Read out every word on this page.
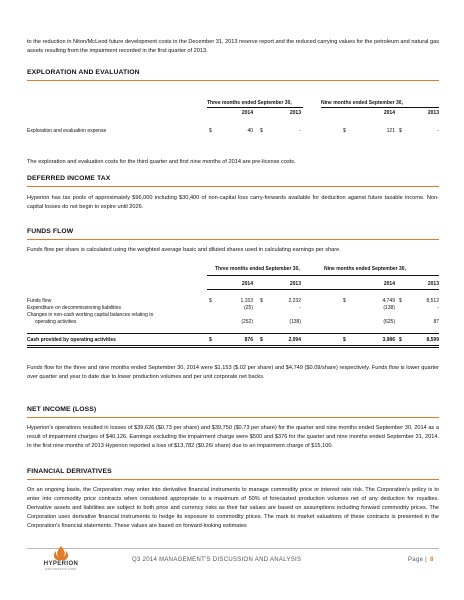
to the reduction in Niton/McLeod future development costs in the December 31, 2013 reserve report and the reduced carrying values for the petroleum and natural gas assets resulting from the impairment recorded in the first quarter of 2013.
EXPLORATION AND EVALUATION
Three months ended September 30,	Nine months ended September 30,
2014	2013	2014	2013
Exploration and evaluation expense	$	40 $	-	$	121 $	-
The exploration and evaluation costs for the third quarter and first nine months of 2014 are pre-license costs.
DEFERRED INCOME TAX
Hyperion has tax pools of approximately $96,000 including $30,400 of non-capital loss carry-forwards available for deduction against future taxable income. Non-capital losses do not begin to expire until 2026.
FUNDS FLOW
Funds flow per share is calculated using the weighted average basic and diluted shares used in calculating earnings per share.
Three months ended September 30,	Nine months ended September 30,
2014	2013	2014	2013
Funds flow	$	1,153 $	2,232	$	4,749 $	8,512
Expenditure on decommissioning liabilities	(25)	-	(138)	-
Changes in non-cash working capital balances relating to
operating activities	(252)	(138)	(625)	87
Cash provided by operating activities	$	876 $	2,094	$	3,986 $	8,599
Funds flow for the three and nine months ended September 30, 2014 were $1,153 ($.02 per share) and $4,749 ($0.09/share) respectively. Funds flow is lower quarter over quarter and year to date due to lower production volumes and per unit corporate net backs.
NET INCOME (LOSS)
Hyperion's operations resulted in losses of $39,626 ($0.73 per share) and $39,750 ($0.73 per share) for the quarter and nine months ended September 30, 2014 as a result of impairment charges of $40,126. Earnings excluding the impairment charge were $500 and $376 for the quarter and nine months ended September 31, 2014. In the first nine months of 2013 Hyperion reported a loss of $13,782 ($0.26/ share) due to an impairment charge of $15,100.
FINANCIAL DERIVATIVES
On an ongoing basis, the Corporation may enter into derivative financial instruments to manage commodity price or interest rate risk. The Corporation's policy is to enter into commodity price contracts when considered appropriate to a maximum of 50% of forecasted production volumes net of any deduction for royalties. Derivative assets and liabilities are subject to both price and currency risks as their fair values are based on assumptions including forward commodity prices. The Corporation uses derivative financial instruments to hedge its exposure to commodity prices. The mark to market valuations of these contracts is presented in the Corporation's financial statements. These values are based on forward-looking estimates
HYPERION
EXPLORATION CORP
Q3 2014 MANAGEMENT'S DISCUSSION AND ANALYSIS	Page | 8
